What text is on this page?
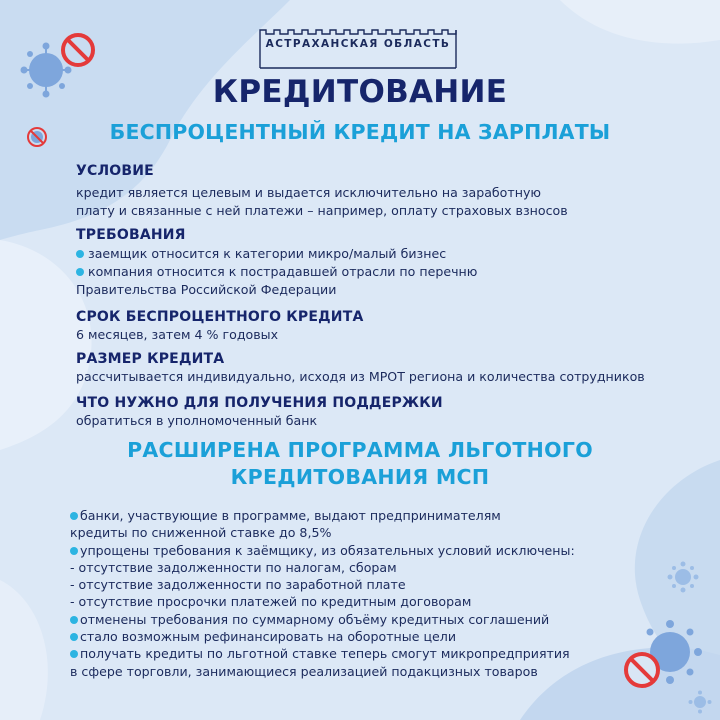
АСТРАХАНСКАЯ ОБЛАСТЬ
КРЕДИТОВАНИЕ
БЕСПРОЦЕНТНЫЙ КРЕДИТ НА ЗАРПЛАТЫ
УСЛОВИЕ
кредит является целевым и выдается исключительно на заработную
плату и связанные с ней платежи – например, оплату страховых взносов
ТРЕБОВАНИЯ
заемщик относится к категории микро/малый бизнес
компания относится к пострадавшей отрасли по перечню
Правительства Российской Федерации
СРОК БЕСПРОЦЕНТНОГО КРЕДИТА
6 месяцев, затем 4 % годовых
РАЗМЕР КРЕДИТА
рассчитывается индивидуально, исходя из МРОТ региона и количества сотрудников
ЧТО НУЖНО ДЛЯ ПОЛУЧЕНИЯ ПОДДЕРЖКИ
обратиться в уполномоченный банк
РАСШИРЕНА ПРОГРАММА ЛЬГОТНОГО
КРЕДИТОВАНИЯ МСП
банки, участвующие в программе, выдают предпринимателям
кредиты по сниженной ставке до 8,5%
упрощены требования к заёмщику, из обязательных условий исключены:
- отсутствие задолженности по налогам, сборам
- отсутствие задолженности по заработной плате
- отсутствие просрочки платежей по кредитным договорам
отменены требования по суммарному объёму кредитных соглашений
стало возможным рефинансировать на оборотные цели
получать кредиты по льготной ставке теперь смогут микропредприятия
в сфере торговли, занимающиеся реализацией подакцизных товаров
